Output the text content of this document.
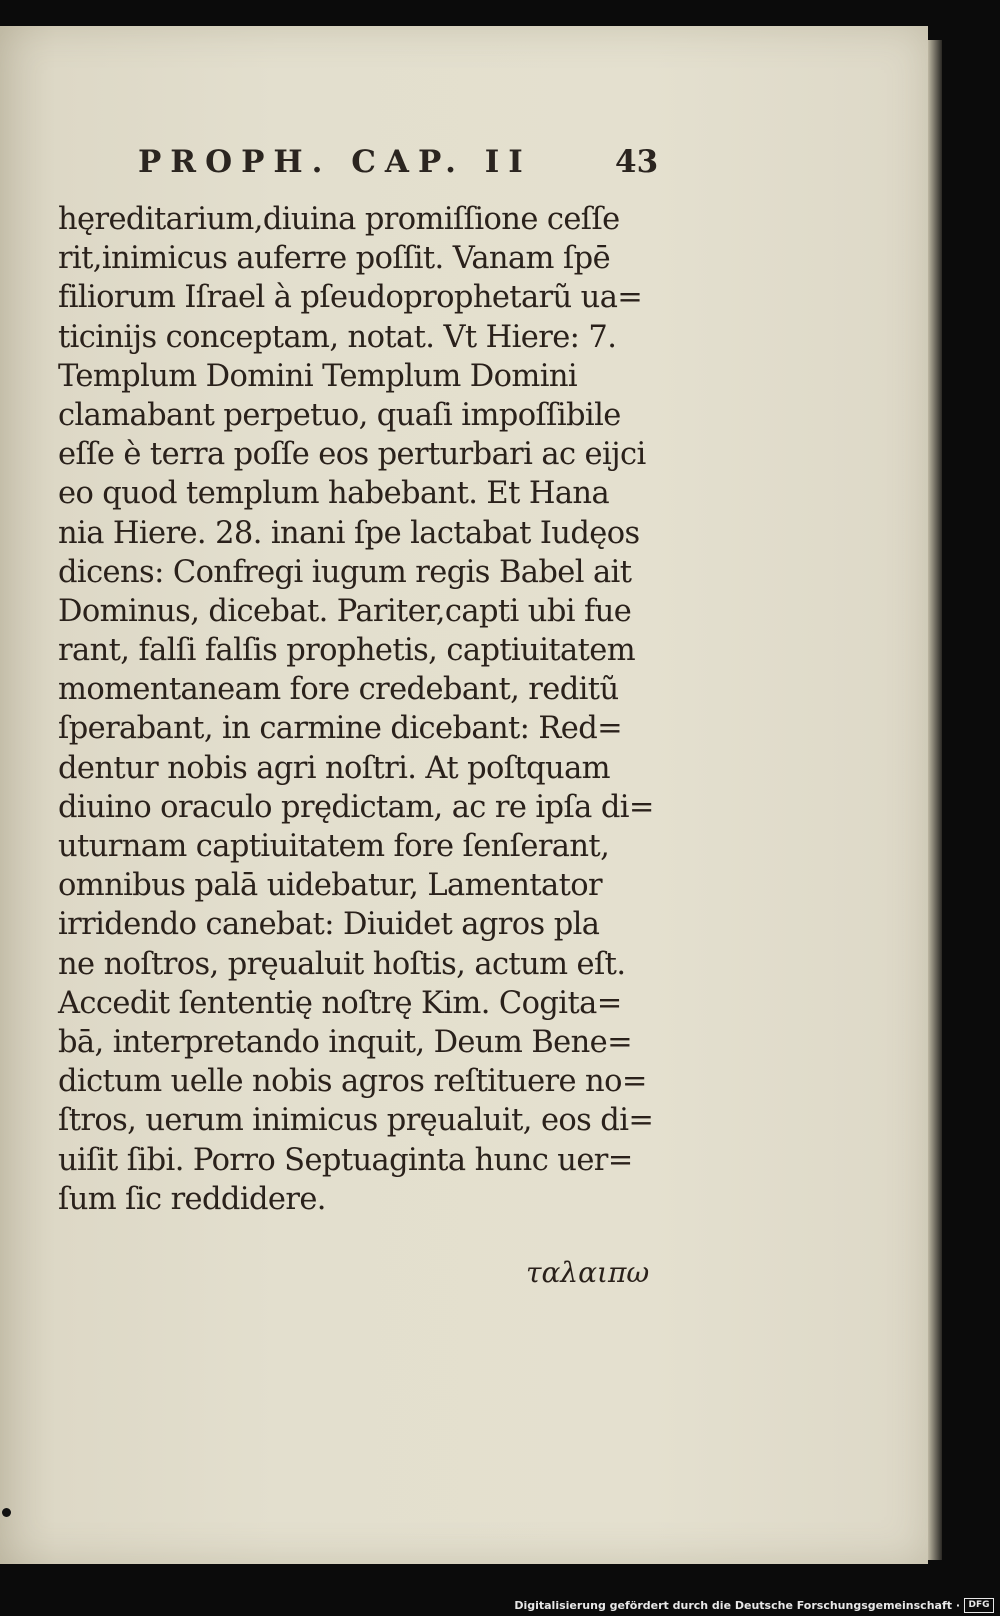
PROPH. CAP. II	43
hęreditarium,diuina promiſſione ceſſe
rit,inimicus auferre poſſit. Vanam ſpē
filiorum Iſrael à pſeudoprophetarũ ua=
ticinijs conceptam, notat. Vt Hiere: 7.
Templum Domini Templum Domini
clamabant perpetuo, quaſi impoſſibile
eſſe è terra poſſe eos perturbari ac eijci
eo quod templum habebant. Et Hana
nia Hiere. 28. inani ſpe lactabat Iudęos
dicens: Confregi iugum regis Babel ait
Dominus, dicebat. Pariter,capti ubi fue
rant, falſi falſis prophetis, captiuitatem
momentaneam fore credebant, reditũ
ſperabant, in carmine dicebant: Red=
dentur nobis agri noſtri. At poſtquam
diuino oraculo prędictam, ac re ipſa di=
uturnam captiuitatem fore ſenſerant,
omnibus palā uidebatur, Lamentator
irridendo canebat: Diuidet agros pla
ne noſtros, pręualuit hoſtis, actum eſt.
Accedit ſententię noſtrę Kim. Cogita=
bā, interpretando inquit, Deum Bene=
dictum uelle nobis agros reſtituere no=
ſtros, uerum inimicus pręualuit, eos di=
uiſit ſibi. Porro Septuaginta hunc uer=
ſum ſic reddidere.
ταλαιπω
Digitalisierung gefördert durch die Deutsche Forschungsgemeinschaft · DFG
